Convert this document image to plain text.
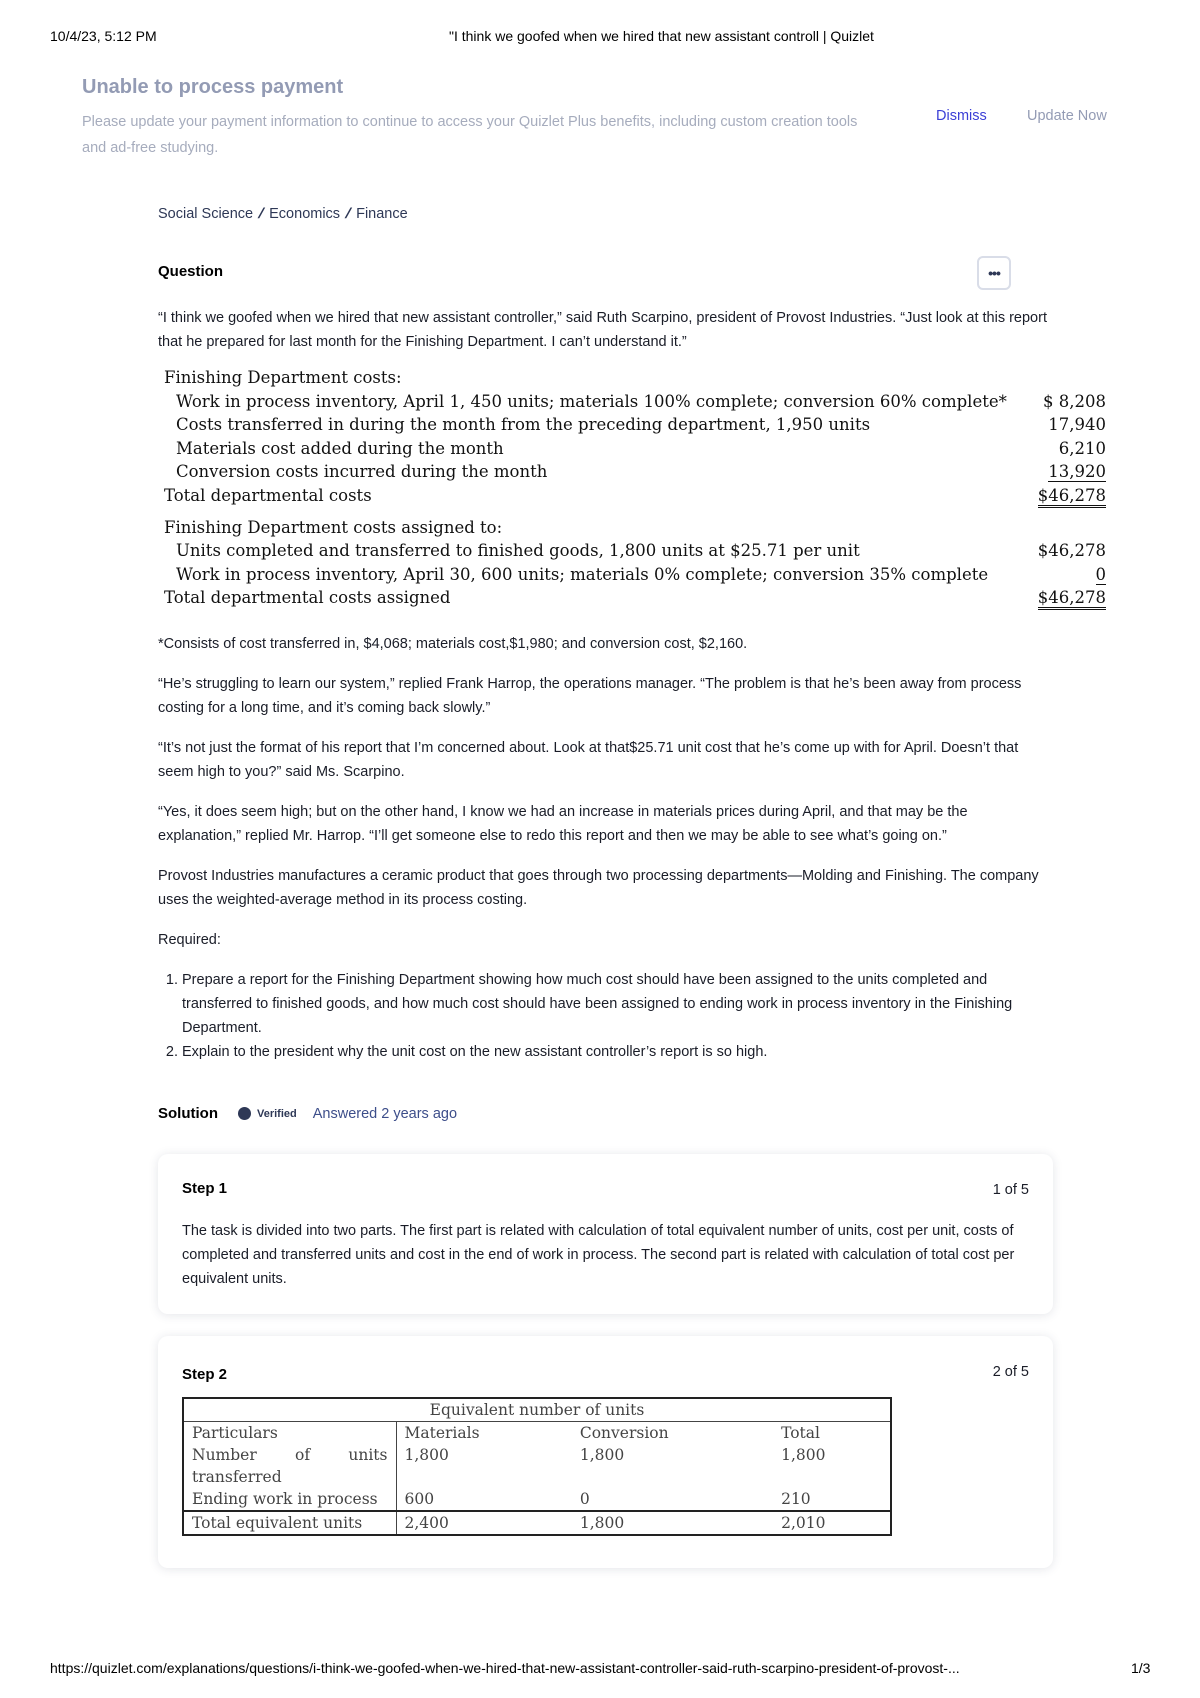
10/4/23, 5:12 PM	"I think we goofed when we hired that new assistant controll | Quizlet
Unable to process payment

Please update your payment information to continue to access your Quizlet Plus benefits, including custom creation tools and ad-free studying.

Dismiss	Update Now
Social Science / Economics / Finance
Question	•••

“I think we goofed when we hired that new assistant controller,” said Ruth Scarpino, president of Provost Industries. “Just look at this report that he prepared for last month for the Finishing Department. I can’t understand it.”

Finishing Department costs:
Work in process inventory, April 1, 450 units; materials 100% complete; conversion 60% complete*	$ 8,208
Costs transferred in during the month from the preceding department, 1,950 units	17,940
Materials cost added during the month	6,210
Conversion costs incurred during the month	13,920
Total departmental costs	$46,278
Finishing Department costs assigned to:
Units completed and transferred to finished goods, 1,800 units at $25.71 per unit	$46,278
Work in process inventory, April 30, 600 units; materials 0% complete; conversion 35% complete	0
Total departmental costs assigned	$46,278

*Consists of cost transferred in, $4,068; materials cost,$1,980; and conversion cost, $2,160.

“He’s struggling to learn our system,” replied Frank Harrop, the operations manager. “The problem is that he’s been away from process costing for a long time, and it’s coming back slowly.”

“It’s not just the format of his report that I’m concerned about. Look at that$25.71 unit cost that he’s come up with for April. Doesn’t that seem high to you?” said Ms. Scarpino.

“Yes, it does seem high; but on the other hand, I know we had an increase in materials prices during April, and that may be the explanation,” replied Mr. Harrop. “I’ll get someone else to redo this report and then we may be able to see what’s going on.”

Provost Industries manufactures a ceramic product that goes through two processing departments—Molding and Finishing. The company uses the weighted-average method in its process costing.

Required:

1. Prepare a report for the Finishing Department showing how much cost should have been assigned to the units completed and transferred to finished goods, and how much cost should have been assigned to ending work in process inventory in the Finishing Department.
2. Explain to the president why the unit cost on the new assistant controller’s report is so high.
Solution	Verified Answered 2 years ago
Step 1	1 of 5

The task is divided into two parts. The first part is related with calculation of total equivalent number of units, cost per unit, costs of completed and transferred units and cost in the end of work in process. The second part is related with calculation of total cost per equivalent units.

Step 2	2 of 5
Equivalent number of units			
Particulars	Materials	Conversion	Total
Number of units transferred	1,800	1,800	1,800
Ending work in process	600	0	210
Total equivalent units	2,400	1,800	2,010
https://quizlet.com/explanations/questions/i-think-we-goofed-when-we-hired-that-new-assistant-controller-said-ruth-scarpino-president-of-provost-...	1/3
